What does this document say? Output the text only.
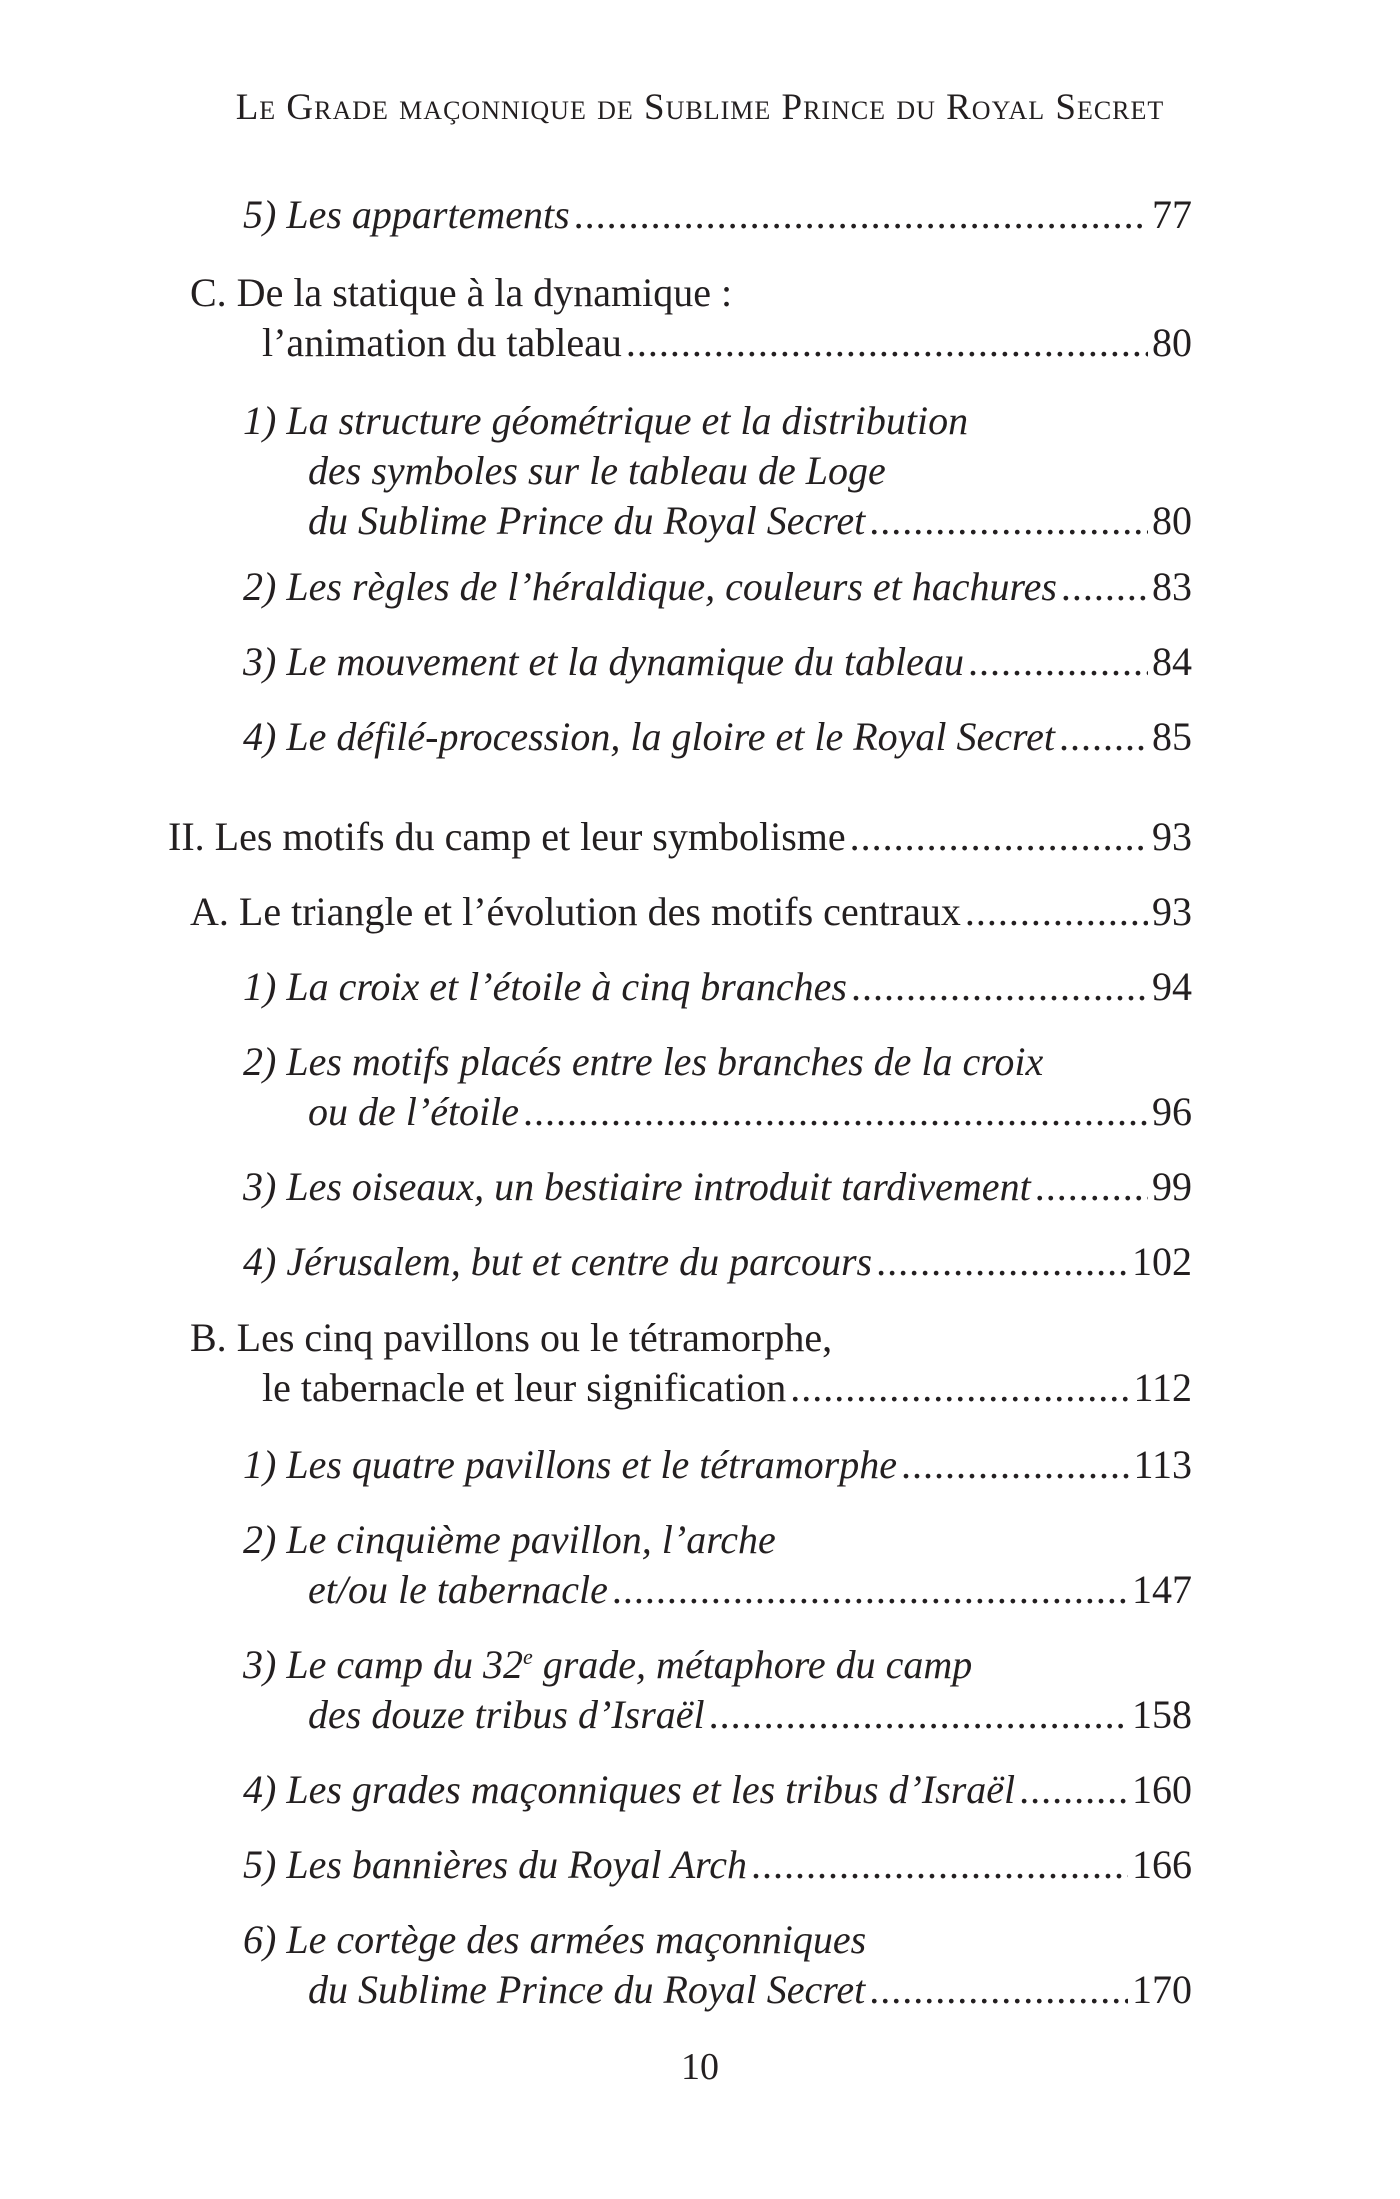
Le Grade maçonnique de Sublime Prince du Royal Secret
5) Les appartements .....	77
C. De la statique à la dynamique :
l’animation du tableau .....	80
1) La structure géométrique et la distribution
des symboles sur le tableau de Loge
du Sublime Prince du Royal Secret .....	80
2) Les règles de l’héraldique, couleurs et hachures ..... 83
3) Le mouvement et la dynamique du tableau .....	84
4) Le défilé-procession, la gloire et le Royal Secret ..... 85
II. Les motifs du camp et leur symbolisme .....	93
A. Le triangle et l’évolution des motifs centraux .....	93
1) La croix et l’étoile à cinq branches .....	94
2) Les motifs placés entre les branches de la croix
ou de l’étoile .....	96
3) Les oiseaux, un bestiaire introduit tardivement .....	99
4) Jérusalem, but et centre du parcours .....	102
B. Les cinq pavillons ou le tétramorphe,
le tabernacle et leur signification .....	112
1) Les quatre pavillons et le tétramorphe .....	113
2) Le cinquième pavillon, l’arche
et/ou le tabernacle .....	147
3) Le camp du 32e grade, métaphore du camp
des douze tribus d’Israël .....	158
4) Les grades maçonniques et les tribus d’Israël .....	160
5) Les bannières du Royal Arch .....	166
6) Le cortège des armées maçonniques
du Sublime Prince du Royal Secret .....	170
10
